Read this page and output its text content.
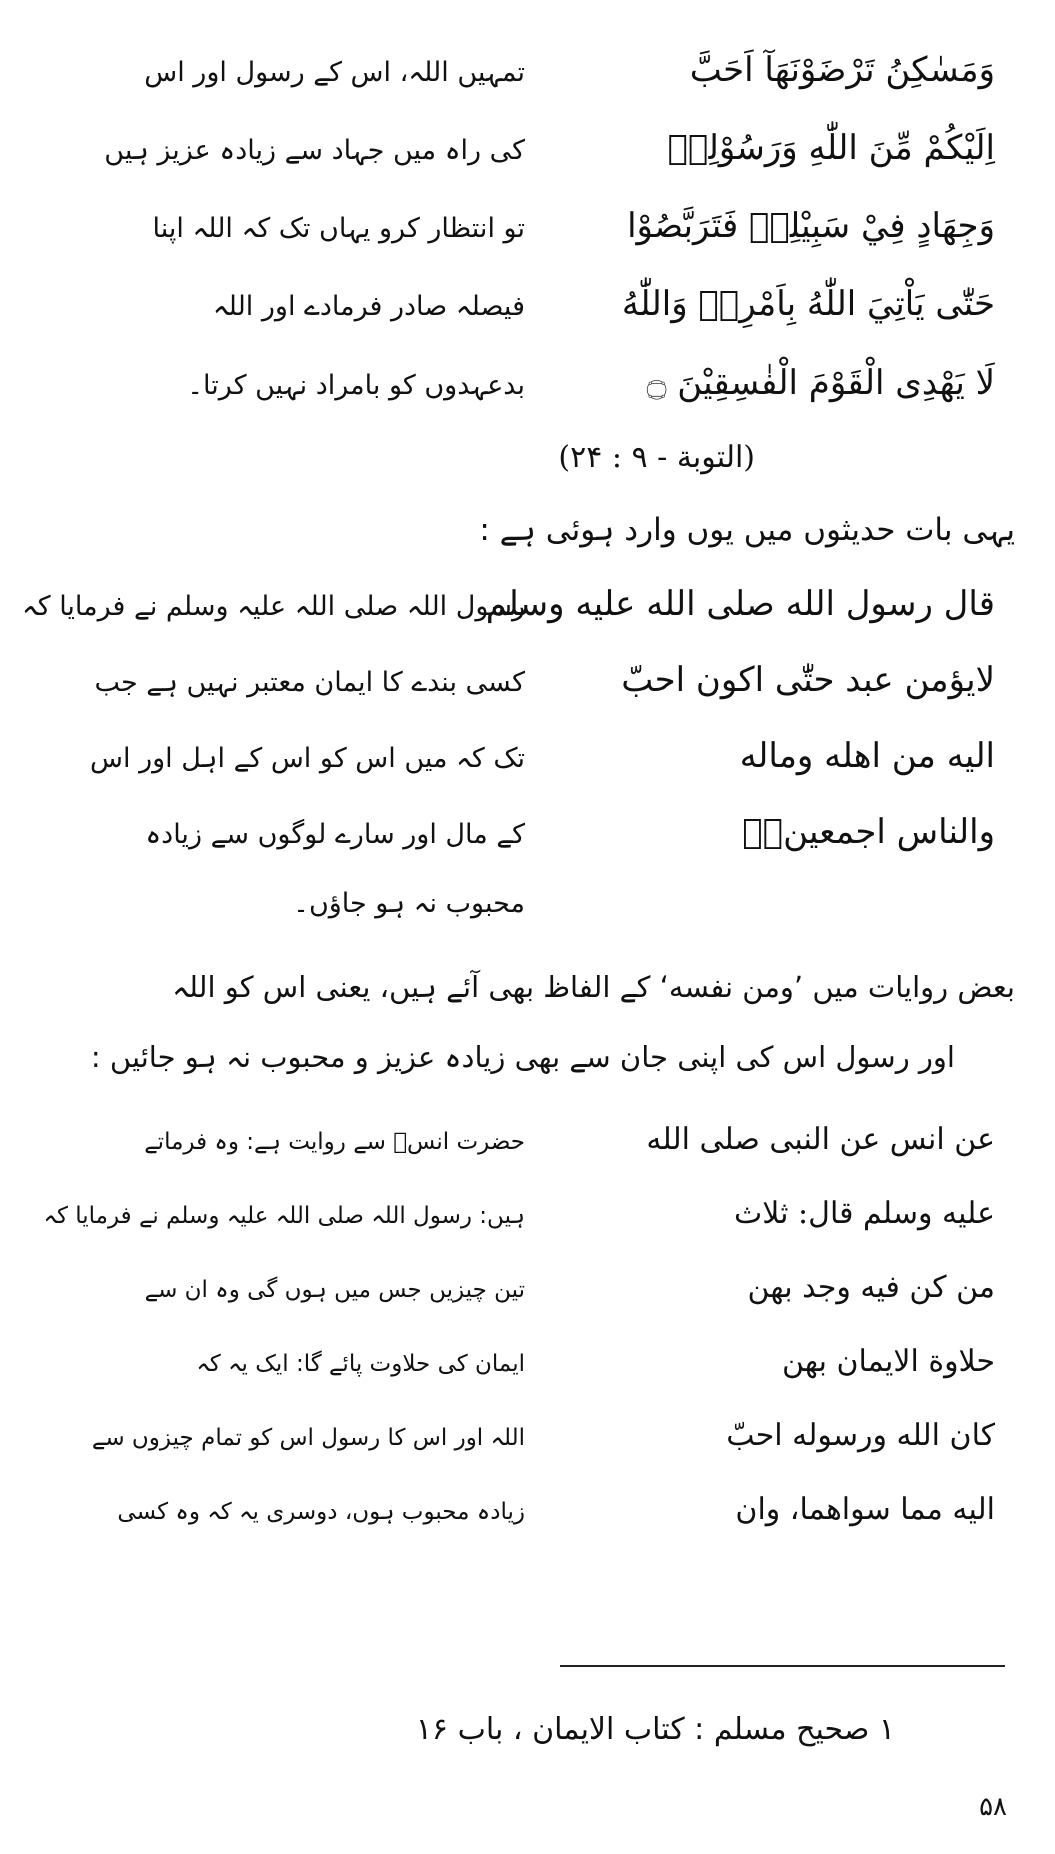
وَمَسٰكِنُ تَرْضَوْنَهَآ اَحَبَّ
تمہیں اللہ، اس کے رسول اور اس
اِلَيْكُمْ مِّنَ اللّٰهِ وَرَسُوْلِهٖ
کی راہ میں جہاد سے زیادہ عزیز ہیں
وَجِهَادٍ فِيْ سَبِيْلِهٖ فَتَرَبَّصُوْا
تو انتظار کرو یہاں تک کہ اللہ اپنا
حَتّٰى يَاْتِيَ اللّٰهُ بِاَمْرِهٖ وَاللّٰهُ
فیصلہ صادر فرمادے اور اللہ
لَا يَهْدِى الْقَوْمَ الْفٰسِقِيْنَ ۝
بدعہدوں کو بامراد نہیں کرتا۔
(التوبة - ۹ : ۲۴)
یہی بات حدیثوں میں یوں وارد ہوئی ہے :
قال رسول الله صلی الله علیه وسلم
رسول اللہ صلی اللہ علیہ وسلم نے فرمایا کہ
لایؤمن عبد حتّٰی اکون احبّ
کسی بندے کا ایمان معتبر نہیں ہے جب
الیه من اهله وماله
تک کہ میں اس کو اس کے اہل اور اس
والناس اجمعین۔ؑ
کے مال اور سارے لوگوں سے زیادہ
محبوب نہ ہو جاؤں۔
بعض روایات میں ’ومن نفسه‘ کے الفاظ بھی آئے ہیں، یعنی اس کو اللہ
اور رسول اس کی اپنی جان سے بھی زیادہ عزیز و محبوب نہ ہو جائیں :
عن انس عن النبی صلی الله
حضرت انسؓ سے روایت ہے: وہ فرماتے
علیه وسلم قال: ثلاث
ہیں: رسول اللہ صلی اللہ علیہ وسلم نے فرمایا کہ
من کن فیه وجد بهن
تین چیزیں جس میں ہوں گی وہ ان سے
حلاوة الایمان بهن
ایمان کی حلاوت پائے گا: ایک یہ کہ
کان الله ورسوله احبّ
اللہ اور اس کا رسول اس کو تمام چیزوں سے
الیه مما سواهما، وان
زیادہ محبوب ہوں، دوسری یہ کہ وہ کسی
۱ صحیح مسلم : کتاب الایمان ، باب ۱۶
۵۸
